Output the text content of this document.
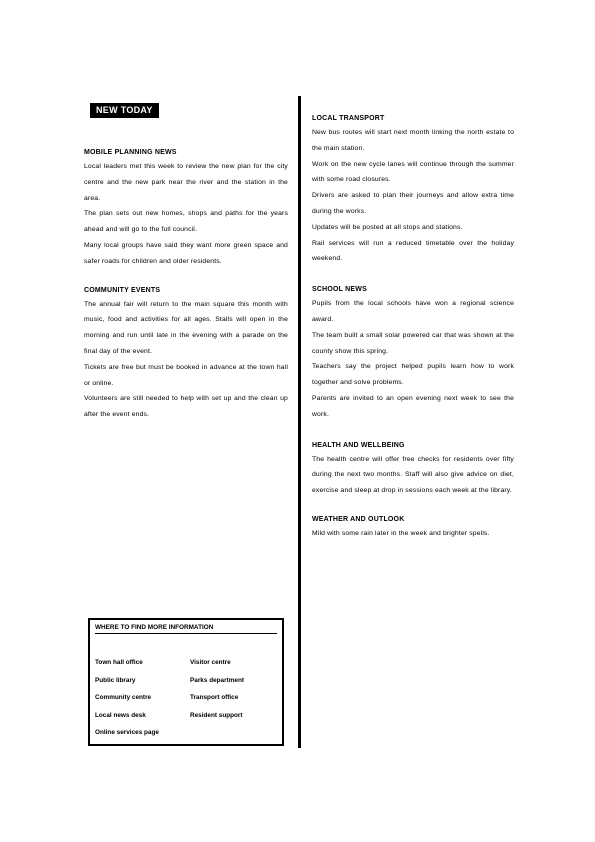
NEW TODAY
MOBILE PLANNING NEWS

Local leaders met this week to review the new plan for the city centre and the new park near the river and the station in the area.

The plan sets out new homes, shops and paths for the years ahead and will go to the full council.

Many local groups have said they want more green space and safer roads for children and older residents.

COMMUNITY EVENTS

The annual fair will return to the main square this month with music, food and activities for all ages. Stalls will open in the morning and run until late in the evening with a parade on the final day of the event.

Tickets are free but must be booked in advance at the town hall or online.

Volunteers are still needed to help with set up and the clean up after the event ends.

WHERE TO FIND MORE INFORMATION
Town hall office
Public library
Community centre
Local news desk
Online services page
Visitor centre
Parks department
Transport office
Resident support
LOCAL TRANSPORT

New bus routes will start next month linking the north estate to the main station.

Work on the new cycle lanes will continue through the summer with some road closures.

Drivers are asked to plan their journeys and allow extra time during the works.

Updates will be posted at all stops and stations.

Rail services will run a reduced timetable over the holiday weekend.

SCHOOL NEWS

Pupils from the local schools have won a regional science award.

The team built a small solar powered car that was shown at the county show this spring.

Teachers say the project helped pupils learn how to work together and solve problems.

Parents are invited to an open evening next week to see the work.

HEALTH AND WELLBEING

The health centre will offer free checks for residents over fifty during the next two months. Staff will also give advice on diet, exercise and sleep at drop in sessions each week at the library.

WEATHER AND OUTLOOK

Mild with some rain later in the week and brighter spells.
